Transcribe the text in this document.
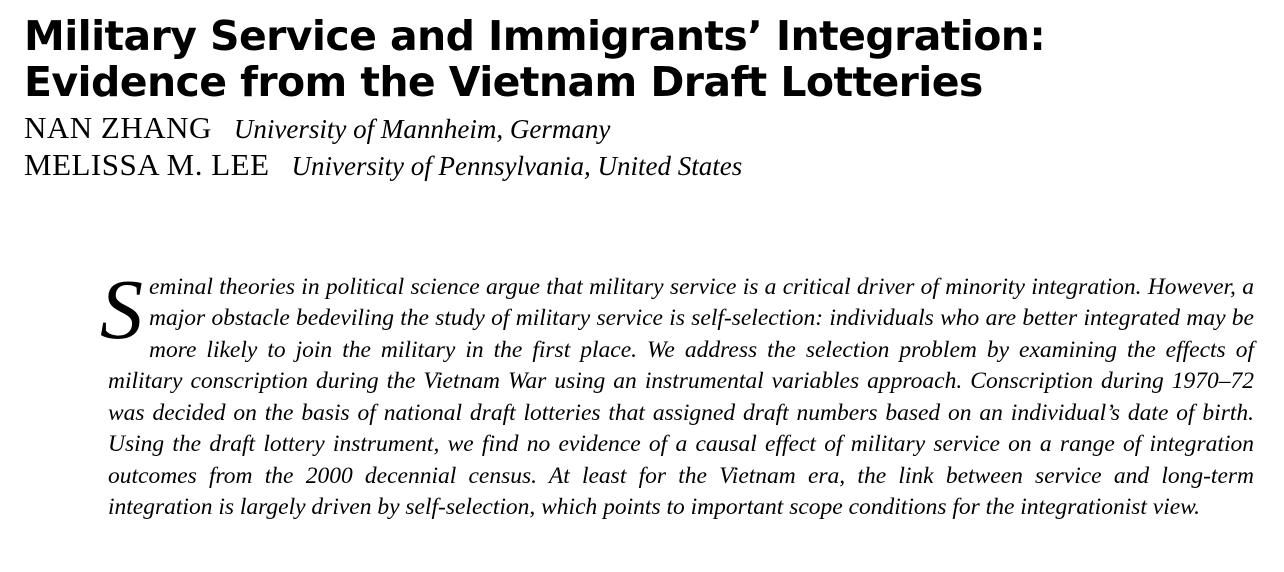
Military Service and Immigrants’ Integration: Evidence from the Vietnam Draft Lotteries
NAN ZHANG University of Mannheim, Germany
MELISSA M. LEE University of Pennsylvania, United States
S eminal theories in political science argue that military service is a critical driver of minority integration. However, a major obstacle bedeviling the study of military service is self-selection: individuals who are better integrated may be more likely to join the military in the first place. We address the selection problem by examining the effects of military conscription during the Vietnam War using an instrumental variables approach. Conscription during 1970–72 was decided on the basis of national draft lotteries that assigned draft numbers based on an individual’s date of birth. Using the draft lottery instrument, we find no evidence of a causal effect of military service on a range of integration outcomes from the 2000 decennial census. At least for the Vietnam era, the link between service and long-term integration is largely driven by self-selection, which points to important scope conditions for the integrationist view.
